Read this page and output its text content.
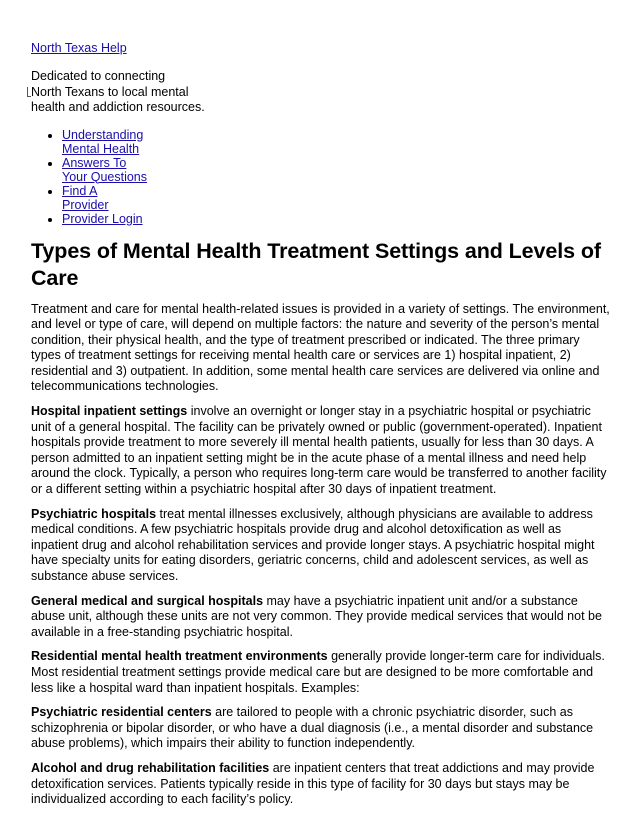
North Texas Help
Dedicated to connecting
North Texans to local mental
health and addiction resources.
• Understanding
Mental Health
• Answers To
Your Questions
• Find A
Provider
• Provider Login
Types of Mental Health Treatment Settings and Levels of Care

Treatment and care for mental health-related issues is provided in a variety of settings. The environment, and level or type of care, will depend on multiple factors: the nature and severity of the person’s mental condition, their physical health, and the type of treatment prescribed or indicated. The three primary types of treatment settings for receiving mental health care or services are 1) hospital inpatient, 2) residential and 3) outpatient. In addition, some mental health care services are delivered via online and telecommunications technologies.

Hospital inpatient settings involve an overnight or longer stay in a psychiatric hospital or psychiatric unit of a general hospital. The facility can be privately owned or public (government-operated). Inpatient hospitals provide treatment to more severely ill mental health patients, usually for less than 30 days. A person admitted to an inpatient setting might be in the acute phase of a mental illness and need help around the clock. Typically, a person who requires long-term care would be transferred to another facility or a different setting within a psychiatric hospital after 30 days of inpatient treatment.

Psychiatric hospitals treat mental illnesses exclusively, although physicians are available to address medical conditions. A few psychiatric hospitals provide drug and alcohol detoxification as well as inpatient drug and alcohol rehabilitation services and provide longer stays. A psychiatric hospital might have specialty units for eating disorders, geriatric concerns, child and adolescent services, as well as substance abuse services.

General medical and surgical hospitals may have a psychiatric inpatient unit and/or a substance abuse unit, although these units are not very common. They provide medical services that would not be available in a free-standing psychiatric hospital.

Residential mental health treatment environments generally provide longer-term care for individuals. Most residential treatment settings provide medical care but are designed to be more comfortable and less like a hospital ward than inpatient hospitals. Examples:

Psychiatric residential centers are tailored to people with a chronic psychiatric disorder, such as schizophrenia or bipolar disorder, or who have a dual diagnosis (i.e., a mental disorder and substance abuse problems), which impairs their ability to function independently.

Alcohol and drug rehabilitation facilities are inpatient centers that treat addictions and may provide detoxification services. Patients typically reside in this type of facility for 30 days but stays may be individualized according to each facility’s policy.
